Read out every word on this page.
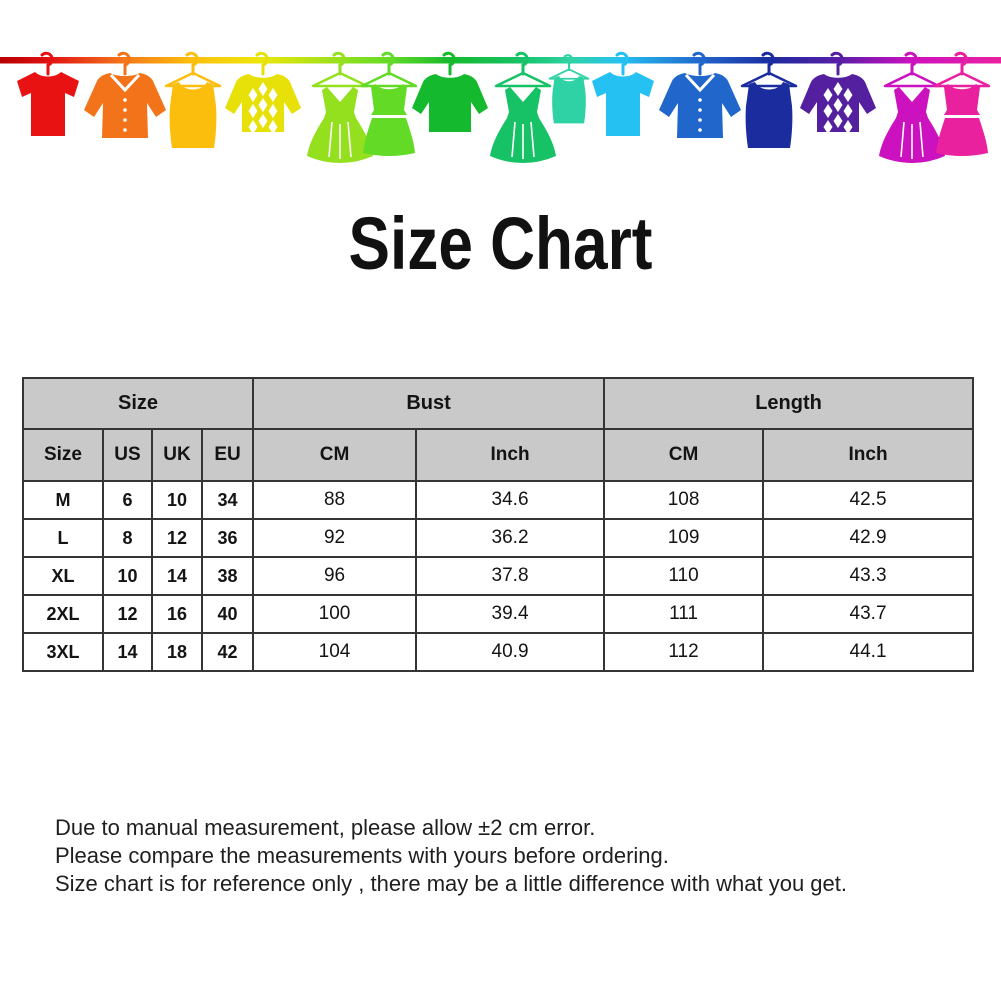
Size Chart
Size				Bust		Length	
Size	US	UK	EU	CM	Inch	CM	Inch
M	6	10	34	88	34.6	108	42.5
L	8	12	36	92	36.2	109	42.9
XL	10	14	38	96	37.8	110	43.3
2XL	12	16	40	100	39.4	111	43.7
3XL	14	18	42	104	40.9	112	44.1
Due to manual measurement, please allow ±2 cm error.
Please compare the measurements with yours before ordering.
Size chart is for reference only , there may be a little difference with what you get.
